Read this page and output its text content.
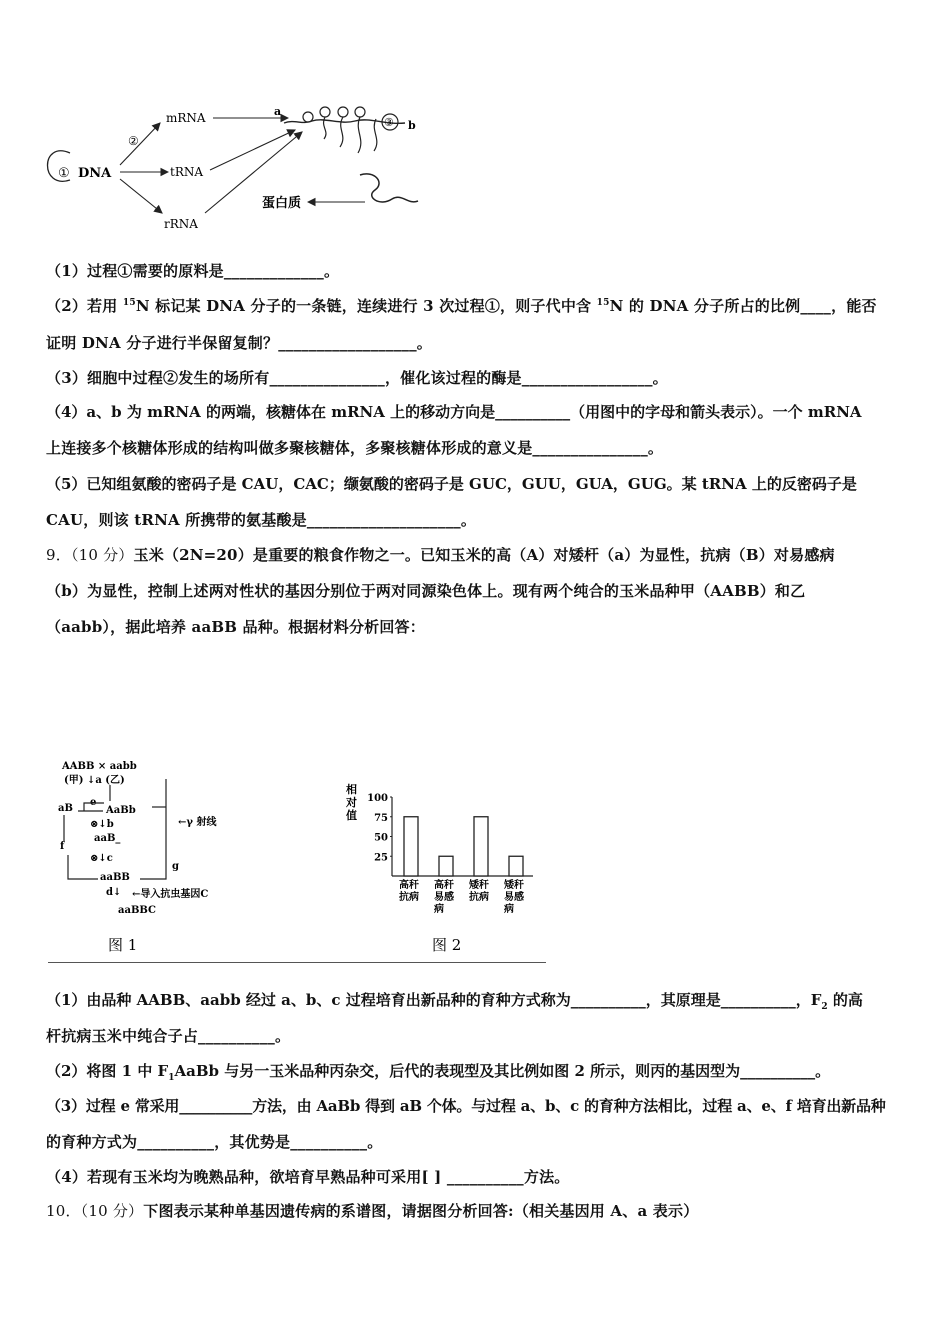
① DNA
②
mRNA
tRNA
rRNA
a
③ b
蛋白质
（1）过程①需要的原料是_____________。
（2）若用 $^{15}$N 标记某 DNA 分子的一条链，连续进行 3 次过程①，则子代中含 $^{15}$N 的 DNA 分子所占的比例____，能否
证明 DNA 分子进行半保留复制？__________________。
（3）细胞中过程②发生的场所有_______________，催化该过程的酶是_________________。
（4）a、b 为 mRNA 的两端，核糖体在 mRNA 上的移动方向是__________（用图中的字母和箭头表示）。一个 mRNA
上连接多个核糖体形成的结构叫做多聚核糖体，多聚核糖体形成的意义是_______________。
（5）已知组氨酸的密码子是 CAU，CAC；缬氨酸的密码子是 GUC，GUU，GUA，GUG。某 tRNA 上的反密码子是
CAU，则该 tRNA 所携带的氨基酸是____________________。
9．（10 分）玉米（2N=20）是重要的粮食作物之一。已知玉米的高（A）对矮杆（a）为显性，抗病（B）对易感病
（b）为显性，控制上述两对性状的基因分别位于两对同源染色体上。现有两个纯合的玉米品种甲（AABB）和乙
（aabb），据此培养 aaBB 品种。根据材料分析回答：
AABB × aabb
(甲) ↓a (乙)
aB
e
AaBb
⊗↓b
aaB_
⊗↓c
aaBB
d↓
aaBBC
←γ 射线
g
f
←导入抗虫基因C
图 1
相对值
100
75
50
25
高秆抗病
高秆易感病
矮秆抗病
矮秆易感病
图 2
（1）由品种 AABB、aabb 经过 a、b、c 过程培育出新品种的育种方式称为__________，其原理是__________，$F_2$ 的高
杆抗病玉米中纯合子占__________。
（2）将图 1 中 $F_1AaBb$ 与另一玉米品种丙杂交，后代的表现型及其比例如图 2 所示，则丙的基因型为__________。
（3）过程 e 常采用__________方法，由 AaBb 得到 aB 个体。与过程 a、b、c 的育种方法相比，过程 a、e、f 培育出新品种
的育种方式为__________，其优势是__________。
（4）若现有玉米均为晚熟品种，欲培育早熟品种可采用[ ] __________方法。
10．（10 分）下图表示某种单基因遗传病的系谱图，请据图分析回答:（相关基因用 A、a 表示）
